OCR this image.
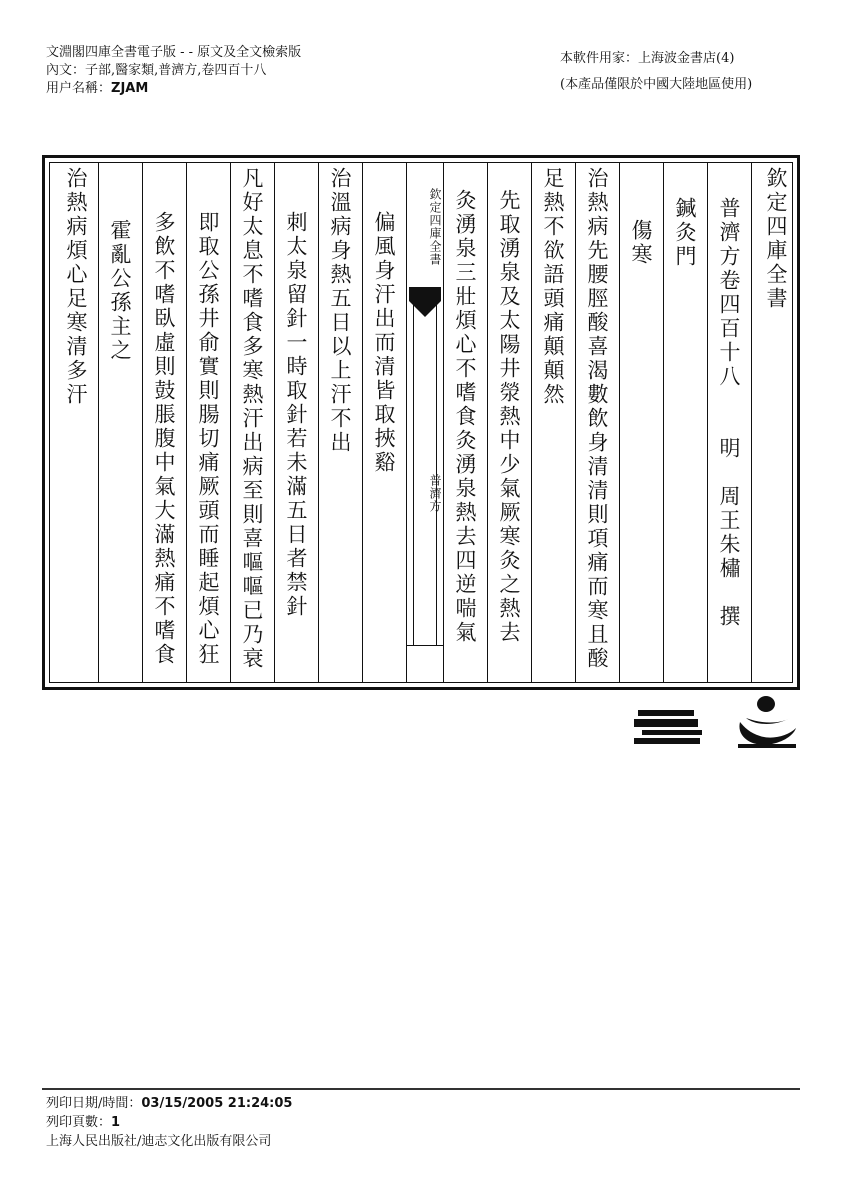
文淵閣四庫全書電子版 - - 原文及全文檢索版
內文：子部,醫家類,普濟方,卷四百十八
用户名稱：ZJAM
本軟件用家：上海波金書店(4)
(本產品僅限於中國大陸地區使用)
欽定四庫全書
普濟方卷四百十八　　明　周王朱橚　撰
鍼灸門
傷寒
治熱病先腰脛酸喜渴數飲身清清則項痛而寒且酸
足熱不欲語頭痛顛顛然
先取湧泉及太陽井滎熱中少氣厥寒灸之熱去
灸湧泉三壯煩心不嗜食灸湧泉熱去四逆喘氣
欽定四庫全書
普濟方
偏風身汗出而清皆取挾谿
治溫病身熱五日以上汗不出
刺太泉留針一時取針若未滿五日者禁針
凡好太息不嗜食多寒熱汗出病至則喜嘔嘔已乃衰
即取公孫井俞實則腸切痛厥頭而睡起煩心狂
多飲不嗜臥虛則鼓脹腹中氣大滿熱痛不嗜食
霍亂公孫主之
治熱病煩心足寒清多汗
列印日期/時間：03/15/2005 21:24:05
列印頁數：1
上海人民出版社/迪志文化出版有限公司
